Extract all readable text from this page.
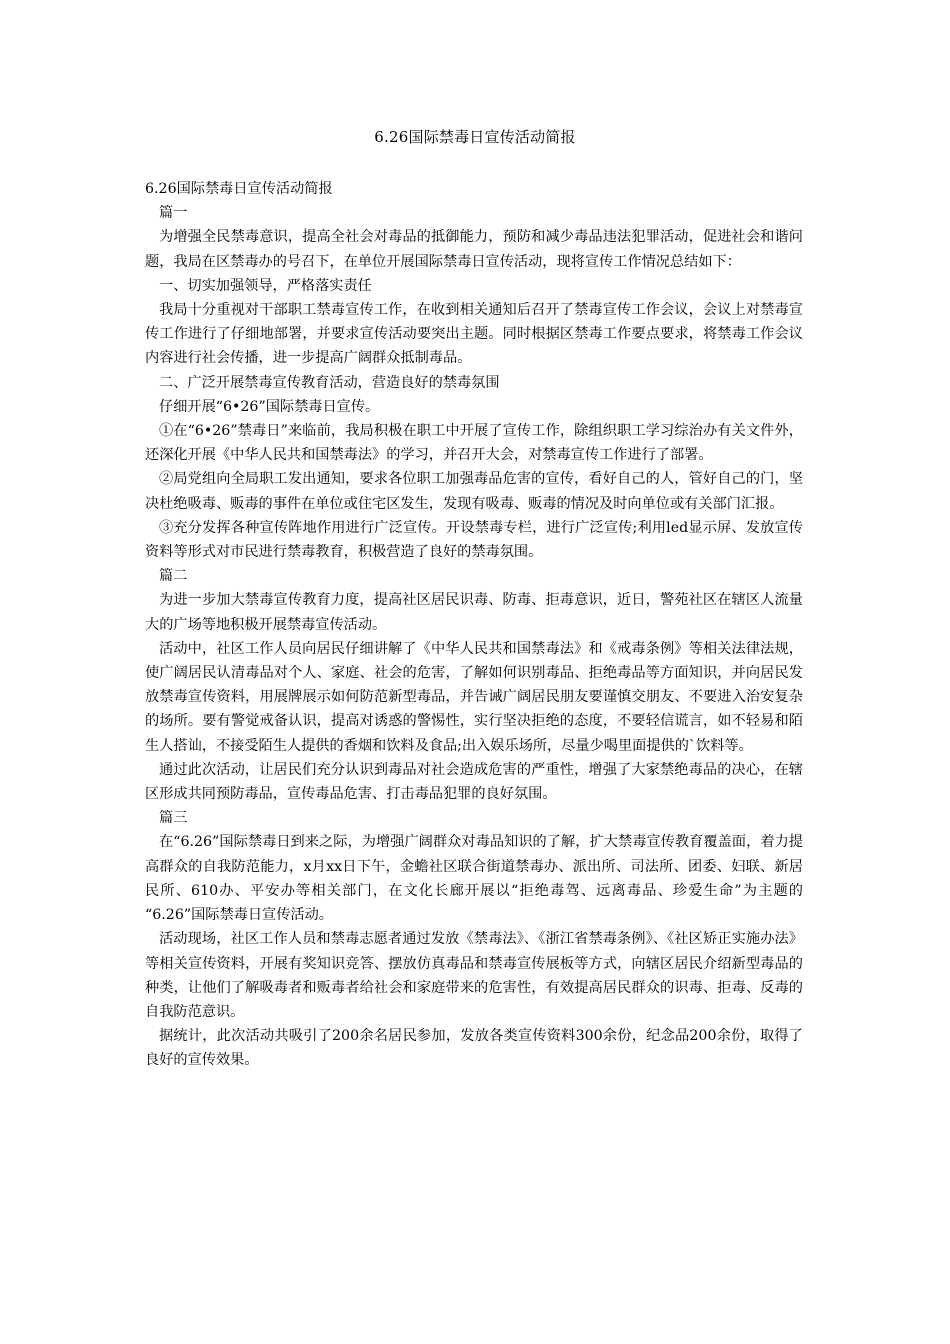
6.26国际禁毒日宣传活动简报

6.26国际禁毒日宣传活动简报

篇一

为增强全民禁毒意识，提高全社会对毒品的抵御能力，预防和减少毒品违法犯罪活动，促进社会和谐问题，我局在区禁毒办的号召下，在单位开展国际禁毒日宣传活动，现将宣传工作情况总结如下：

一、切实加强领导，严格落实责任

我局十分重视对干部职工禁毒宣传工作，在收到相关通知后召开了禁毒宣传工作会议，会议上对禁毒宣传工作进行了仔细地部署，并要求宣传活动要突出主题。同时根据区禁毒工作要点要求，将禁毒工作会议内容进行社会传播，进一步提高广阔群众抵制毒品。

二、广泛开展禁毒宣传教育活动，营造良好的禁毒氛围

仔细开展“6•26”国际禁毒日宣传。

①在“6•26”禁毒日”来临前，我局积极在职工中开展了宣传工作，除组织职工学习综治办有关文件外，还深化开展《中华人民共和国禁毒法》的学习，并召开大会，对禁毒宣传工作进行了部署。

②局党组向全局职工发出通知，要求各位职工加强毒品危害的宣传，看好自己的人，管好自己的门，坚决杜绝吸毒、贩毒的事件在单位或住宅区发生，发现有吸毒、贩毒的情况及时向单位或有关部门汇报。

③充分发挥各种宣传阵地作用进行广泛宣传。开设禁毒专栏，进行广泛宣传;利用led显示屏、发放宣传资料等形式对市民进行禁毒教育，积极营造了良好的禁毒氛围。

篇二

为进一步加大禁毒宣传教育力度，提高社区居民识毒、防毒、拒毒意识，近日，警苑社区在辖区人流量大的广场等地积极开展禁毒宣传活动。

活动中，社区工作人员向居民仔细讲解了《中华人民共和国禁毒法》和《戒毒条例》等相关法律法规，使广阔居民认清毒品对个人、家庭、社会的危害，了解如何识别毒品、拒绝毒品等方面知识，并向居民发放禁毒宣传资料，用展牌展示如何防范新型毒品，并告诫广阔居民朋友要谨慎交朋友、不要进入治安复杂的场所。要有警觉戒备认识，提高对诱惑的警惕性，实行坚决拒绝的态度，不要轻信谎言，如不轻易和陌生人搭讪，不接受陌生人提供的香烟和饮料及食品;出入娱乐场所，尽量少喝里面提供的`饮料等。

通过此次活动，让居民们充分认识到毒品对社会造成危害的严重性，增强了大家禁绝毒品的决心，在辖区形成共同预防毒品，宣传毒品危害、打击毒品犯罪的良好氛围。

篇三

在“6.26”国际禁毒日到来之际，为增强广阔群众对毒品知识的了解，扩大禁毒宣传教育覆盖面，着力提高群众的自我防范能力，x月xx日下午，金蟾社区联合街道禁毒办、派出所、司法所、团委、妇联、新居民所、610办、平安办等相关部门，在文化长廊开展以“拒绝毒驾、远离毒品、珍爱生命”为主题的 “6.26”国际禁毒日宣传活动。

活动现场，社区工作人员和禁毒志愿者通过发放《禁毒法》、《浙江省禁毒条例》、《社区矫正实施办法》等相关宣传资料，开展有奖知识竞答、摆放仿真毒品和禁毒宣传展板等方式，向辖区居民介绍新型毒品的种类，让他们了解吸毒者和贩毒者给社会和家庭带来的危害性，有效提高居民群众的识毒、拒毒、反毒的自我防范意识。

据统计，此次活动共吸引了200余名居民参加，发放各类宣传资料300余份，纪念品200余份，取得了良好的宣传效果。
